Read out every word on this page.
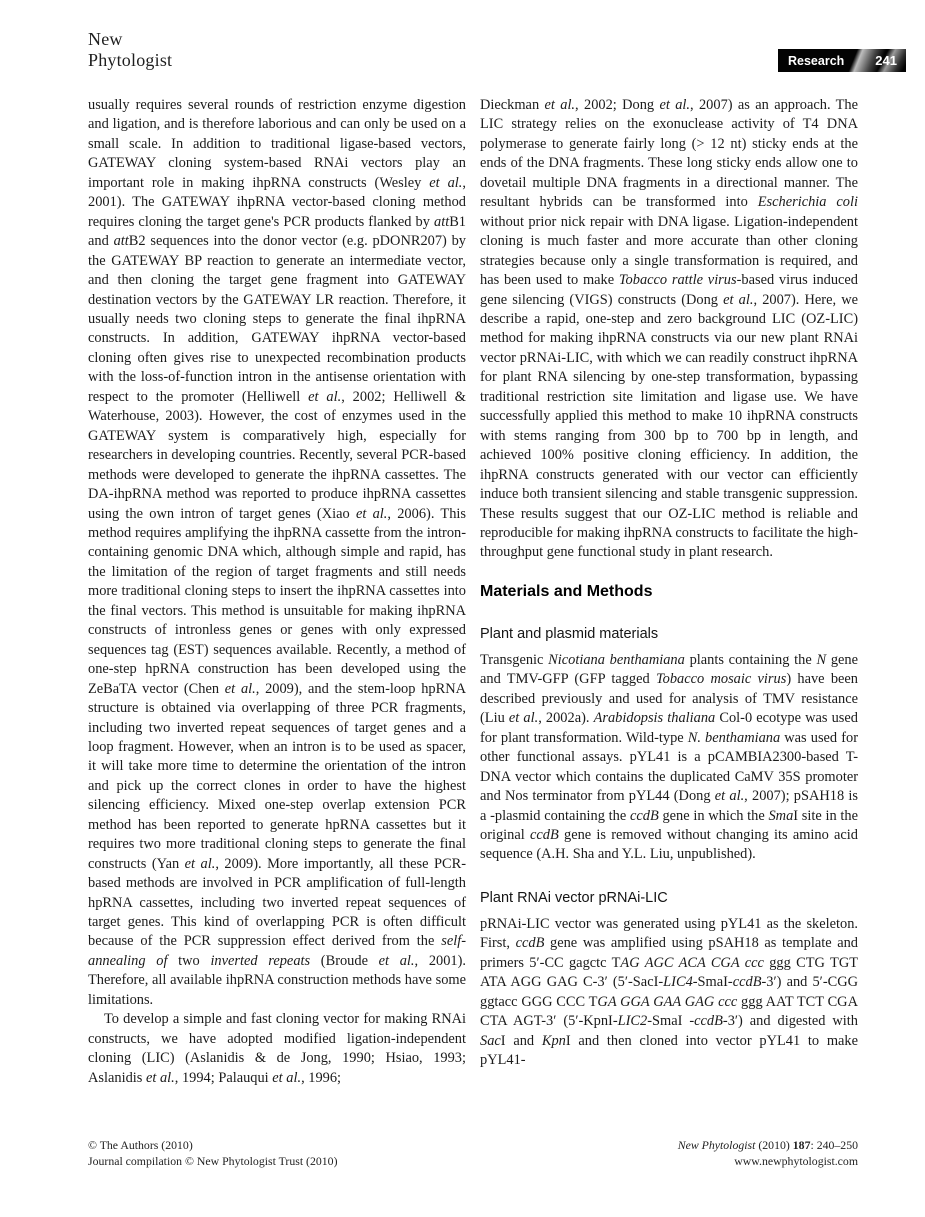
New
Phytologist	Research 241

usually requires several rounds of restriction enzyme digestion and ligation, and is therefore laborious and can only be used on a small scale. In addition to traditional ligase-based vectors, GATEWAY cloning system-based RNAi vectors play an important role in making ihpRNA constructs (Wesley et al., 2001). The GATEWAY ihpRNA vector-based cloning method requires cloning the target gene's PCR products flanked by attB1 and attB2 sequences into the donor vector (e.g. pDONR207) by the GATEWAY BP reaction to generate an intermediate vector, and then cloning the target gene fragment into GATEWAY destination vectors by the GATEWAY LR reaction. Therefore, it usually needs two cloning steps to generate the final ihpRNA constructs. In addition, GATEWAY ihpRNA vector-based cloning often gives rise to unexpected recombination products with the loss-of-function intron in the antisense orientation with respect to the promoter (Helliwell et al., 2002; Helliwell & Waterhouse, 2003). However, the cost of enzymes used in the GATEWAY system is comparatively high, especially for researchers in developing countries. Recently, several PCR-based methods were developed to generate the ihpRNA cassettes. The DA-ihpRNA method was reported to produce ihpRNA cassettes using the own intron of target genes (Xiao et al., 2006). This method requires amplifying the ihpRNA cassette from the intron-containing genomic DNA which, although simple and rapid, has the limitation of the region of target fragments and still needs more traditional cloning steps to insert the ihpRNA cassettes into the final vectors. This method is unsuitable for making ihpRNA constructs of intronless genes or genes with only expressed sequences tag (EST) sequences available. Recently, a method of one-step hpRNA construction has been developed using the ZeBaTA vector (Chen et al., 2009), and the stem-loop hpRNA structure is obtained via overlapping of three PCR fragments, including two inverted repeat sequences of target genes and a loop fragment. However, when an intron is to be used as spacer, it will take more time to determine the orientation of the intron and pick up the correct clones in order to have the highest silencing efficiency. Mixed one-step overlap extension PCR method has been reported to generate hpRNA cassettes but it requires two more traditional cloning steps to generate the final constructs (Yan et al., 2009). More importantly, all these PCR-based methods are involved in PCR amplification of full-length hpRNA cassettes, including two inverted repeat sequences of target genes. This kind of overlapping PCR is often difficult because of the PCR suppression effect derived from the self-annealing of two inverted repeats (Broude et al., 2001). Therefore, all available ihpRNA construction methods have some limitations.

To develop a simple and fast cloning vector for making RNAi constructs, we have adopted modified ligation-independent cloning (LIC) (Aslanidis & de Jong, 1990; Hsiao, 1993; Aslanidis et al., 1994; Palauqui et al., 1996;

Dieckman et al., 2002; Dong et al., 2007) as an approach. The LIC strategy relies on the exonuclease activity of T4 DNA polymerase to generate fairly long (> 12 nt) sticky ends at the ends of the DNA fragments. These long sticky ends allow one to dovetail multiple DNA fragments in a directional manner. The resultant hybrids can be transformed into Escherichia coli without prior nick repair with DNA ligase. Ligation-independent cloning is much faster and more accurate than other cloning strategies because only a single transformation is required, and has been used to make Tobacco rattle virus-based virus induced gene silencing (VIGS) constructs (Dong et al., 2007). Here, we describe a rapid, one-step and zero background LIC (OZ-LIC) method for making ihpRNA constructs via our new plant RNAi vector pRNAi-LIC, with which we can readily construct ihpRNA for plant RNA silencing by one-step transformation, bypassing traditional restriction site limitation and ligase use. We have successfully applied this method to make 10 ihpRNA constructs with stems ranging from 300 bp to 700 bp in length, and achieved 100% positive cloning efficiency. In addition, the ihpRNA constructs generated with our vector can efficiently induce both transient silencing and stable transgenic suppression. These results suggest that our OZ-LIC method is reliable and reproducible for making ihpRNA constructs to facilitate the high-throughput gene functional study in plant research.

Materials and Methods
Plant and plasmid materials

Transgenic Nicotiana benthamiana plants containing the N gene and TMV-GFP (GFP tagged Tobacco mosaic virus) have been described previously and used for analysis of TMV resistance (Liu et al., 2002a). Arabidopsis thaliana Col-0 ecotype was used for plant transformation. Wild-type N. benthamiana was used for other functional assays. pYL41 is a pCAMBIA2300-based T-DNA vector which contains the duplicated CaMV 35S promoter and Nos terminator from pYL44 (Dong et al., 2007); pSAH18 is a -plasmid containing the ccdB gene in which the SmaI site in the original ccdB gene is removed without changing its amino acid sequence (A.H. Sha and Y.L. Liu, unpublished).

Plant RNAi vector pRNAi-LIC

pRNAi-LIC vector was generated using pYL41 as the skeleton. First, ccdB gene was amplified using pSAH18 as template and primers 5′-CC gagctc TAG AGC ACA CGA ccc ggg CTG TGT ATA AGG GAG C-3′ (5′-SacI-LIC4-SmaI-ccdB-3′) and 5′-CGG ggtacc GGG CCC TGA GGA GAA GAG ccc ggg AAT TCT CGA CTA AGT-3′ (5′-KpnI-LIC2-SmaI -ccdB-3′) and digested with SacI and KpnI and then cloned into vector pYL41 to make pYL41-

© The Authors (2010)
Journal compilation © New Phytologist Trust (2010)
New Phytologist (2010) 187: 240–250
www.newphytologist.com
